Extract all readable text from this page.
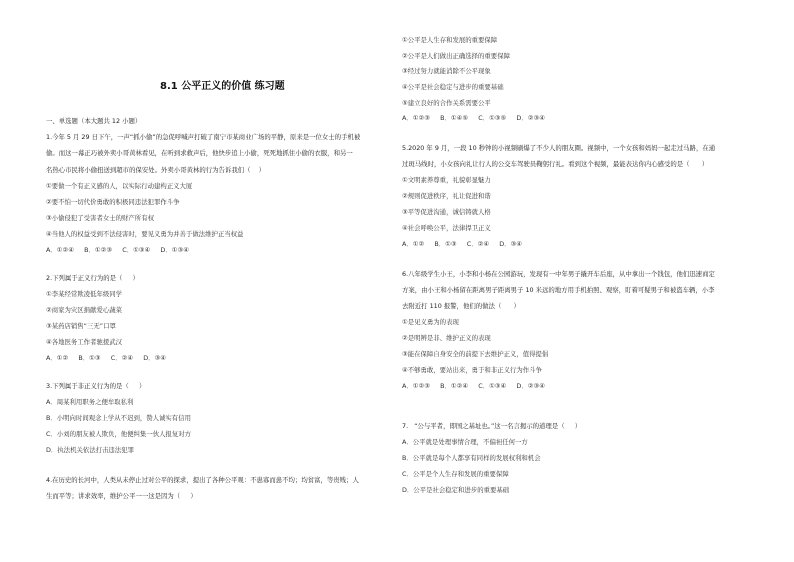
8.1 公平正义的价值 练习题

一、单选题（本大题共 12 小题）

1.今年 5 月 29 日下午，一声“抓小偷”的急促呼喊声打破了南宁市某商业广场的平静，原来是一位女士的手机被

偷。而这一幕正巧被外卖小哥黄林看见，在听到求救声后，他快步追上小偷，死死地抓住小偷的衣服，和另一

名热心市民将小偷扭送到超市的保安处。外卖小哥黄林的行为告诉我们（    ）

①要做一个有正义感的人，以实际行动建构正义大厦

②要不怕一切代价勇敢的积极同违法犯罪作斗争

③小偷侵犯了受害者女士的财产所有权

④当他人的权益受到不法侵害时，要见义勇为并善于做法维护正当权益

A．①②④     B．①②③     C．①③④     D．①③④

2.下列属于正义行为的是（     ）

①李某经常欺凌低年级同学

②商家为灾区捐献爱心蔬菜

③某药店销售“三无”口罩

④各地医务工作者驰援武汉

A．①②     B．①③     C．②④     D．③④

3.下列属于非正义行为的是（     ）

A．周某利用职务之便牟取私利

B．小明向时间观念上学从不迟到，赞人诚实有信用

C．小刘的朋友被人欺负，他便纠集一伙人报复对方

D．执法机关依法打击违法犯罪

4.在历史的长河中，人类从未停止过对公平的探求，提出了各种公平观：不患寡而患不均；均贫富，等贵贱；人

生而平等；讲求效率，维护公平一一这是因为（     ）

①公平是人生存和发展的重要保障

②公平是人们做出正确选择的重要保障

③经过努力就能消除不公平现象

④公平是社会稳定与进步的重要基础

⑤建立良好的合作关系需要公平

A．①②③     B．①④⑤     C．①③⑤     D．②③④

5.2020 年 9 月，一段 10 秒钟的小视频刷爆了不少人的朋友圈。视频中，一个女孩和妈妈一起走过马路，在通

过斑马线时，小女孩向礼让行人的公交车驾驶员鞠躬行礼。看到这个视频，最能表达你内心感受的是（      ）

①文明素养尊重，礼貌彰显魅力

②规则促进秩序，礼让促进和谐

③平等促进沟通，诚信铸就人格

④社会呼唤公平，法律捍卫正义

A．①②     B．①③     C．②④     D．③④

6.八年级学生小王，小李和小杨在公园游玩，发现有一中年男子撬开车后座，从中拿出一个钱包，他们迅速商定

方案，由小王和小杨留在距离男子距离男子 10 米远的地方用手机拍照、观察，盯着可疑男子和被盗车辆，小李

去附近打 110 报警，他们的做法（      ）

①是见义勇为的表现

②是明辨是非、维护正义的表现

③能在保障自身安全的前提下去维护正义，值得提倡

④不够勇敢，要站出来，勇于和非正义行为作斗争

A．①②③     B．①②④     C．①③④     D．②③④

7.   “公与平者，即国之基址也。”这一名言揭示的道理是（     ）

A．公平就是处理事情合理，不偏袒任何一方

B．公平就是每个人都享有同样的发展权利和机会

C．公平是个人生存和发展的重要保障

D．公平是社会稳定和进步的重要基础
